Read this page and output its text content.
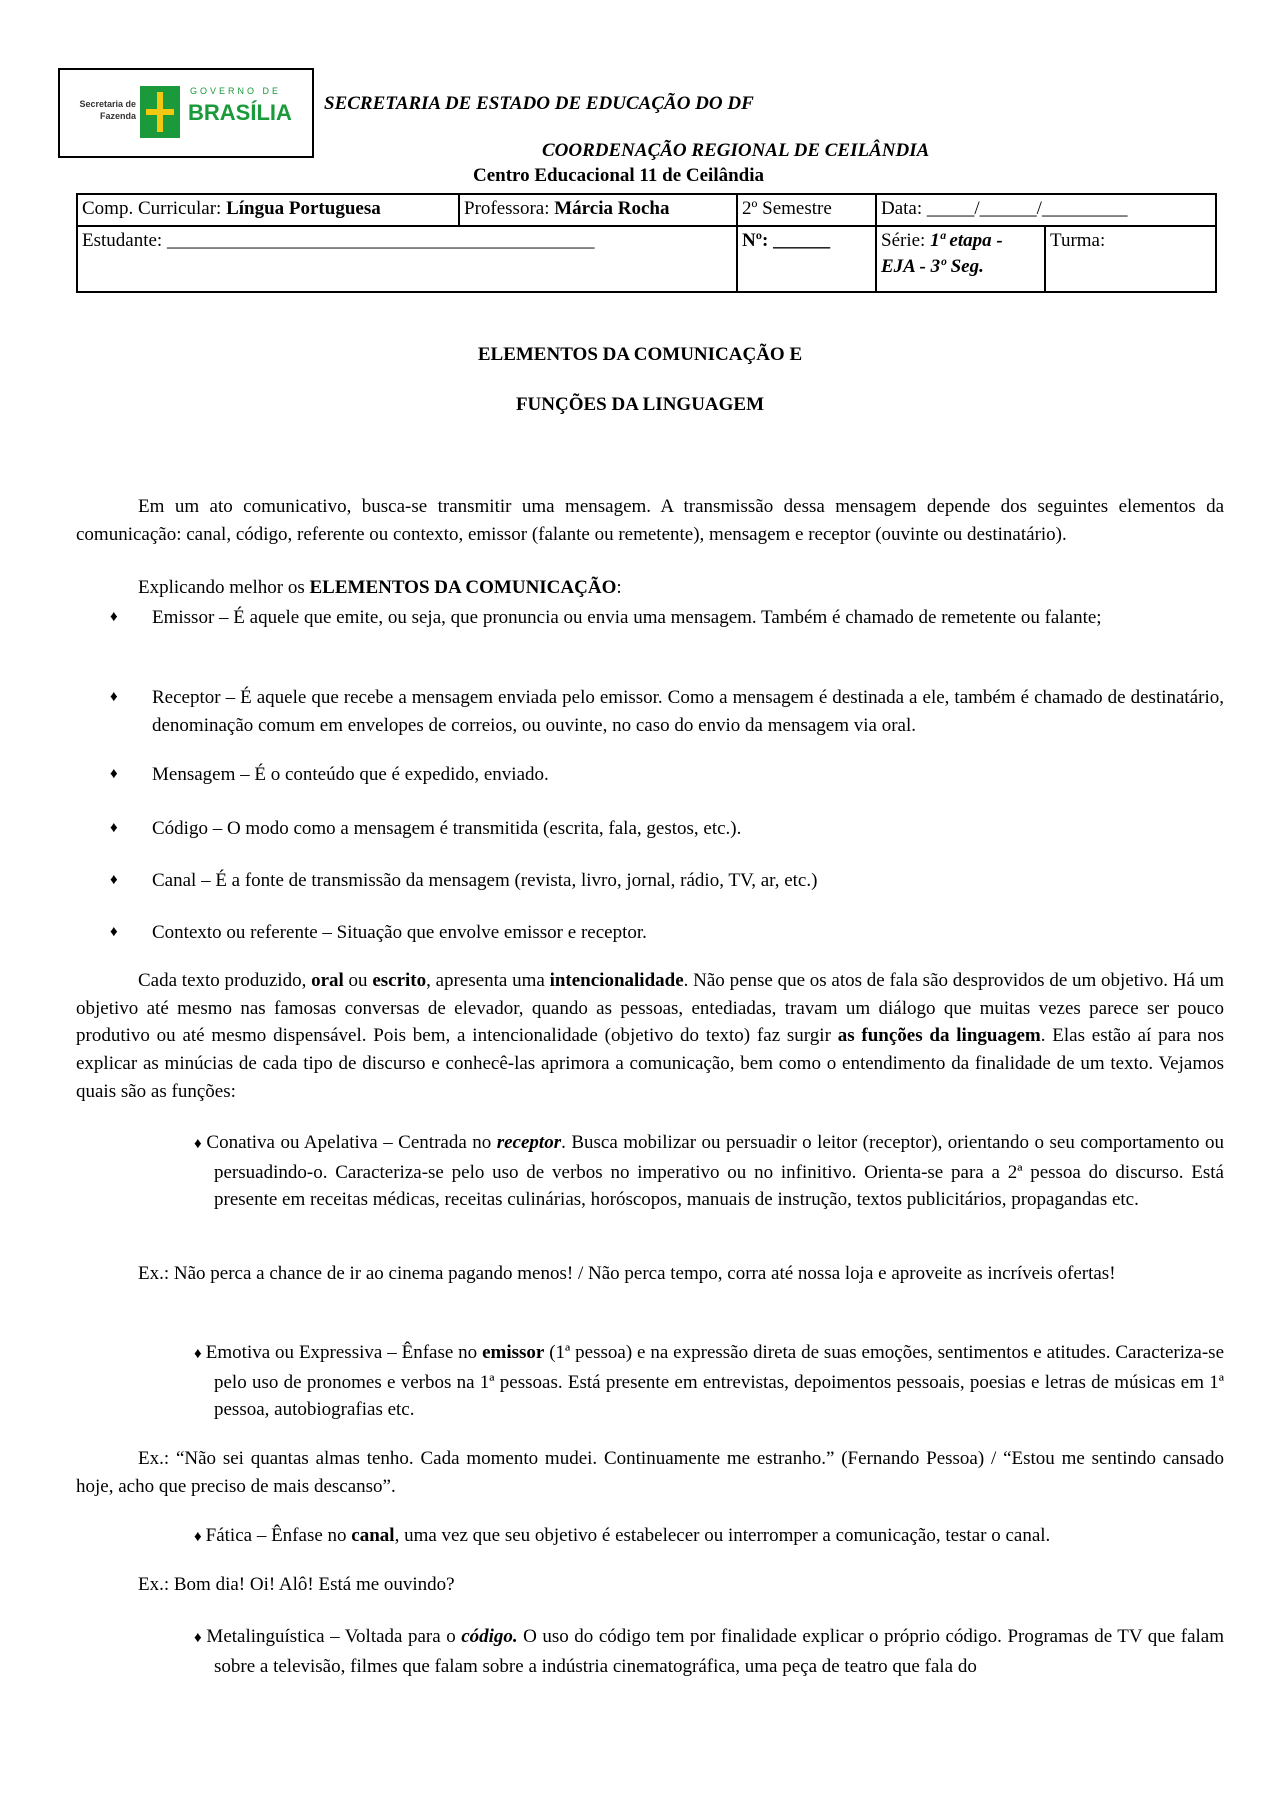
Secretaria de Fazenda
GOVERNO DE
BRASÍLIA SECRETARIA DE ESTADO DE EDUCAÇÃO DO DF
COORDENAÇÃO REGIONAL DE CEILÂNDIA
Centro Educacional 11 de Ceilândia
Comp. Curricular: Língua Portuguesa	Professora: Márcia Rocha	2º Semestre	Data: _____/______/_________	
Estudante: _____________________________________________		Nº: ______	Série: 1ª etapa - EJA - 3º Seg.	Turma:
ELEMENTOS DA COMUNICAÇÃO E
FUNÇÕES DA LINGUAGEM
Em um ato comunicativo, busca-se transmitir uma mensagem. A transmissão dessa mensagem depende dos seguintes elementos da comunicação: canal, código, referente ou contexto, emissor (falante ou remetente), mensagem e receptor (ouvinte ou destinatário).
Explicando melhor os ELEMENTOS DA COMUNICAÇÃO:
♦ Emissor – É aquele que emite, ou seja, que pronuncia ou envia uma mensagem. Também é chamado de remetente ou falante;
♦ Receptor – É aquele que recebe a mensagem enviada pelo emissor. Como a mensagem é destinada a ele, também é chamado de destinatário, denominação comum em envelopes de correios, ou ouvinte, no caso do envio da mensagem via oral.
♦ Mensagem – É o conteúdo que é expedido, enviado.
♦ Código – O modo como a mensagem é transmitida (escrita, fala, gestos, etc.).
♦ Canal – É a fonte de transmissão da mensagem (revista, livro, jornal, rádio, TV, ar, etc.)
♦ Contexto ou referente – Situação que envolve emissor e receptor.
Cada texto produzido, oral ou escrito, apresenta uma intencionalidade. Não pense que os atos de fala são desprovidos de um objetivo. Há um objetivo até mesmo nas famosas conversas de elevador, quando as pessoas, entediadas, travam um diálogo que muitas vezes parece ser pouco produtivo ou até mesmo dispensável. Pois bem, a intencionalidade (objetivo do texto) faz surgir as funções da linguagem. Elas estão aí para nos explicar as minúcias de cada tipo de discurso e conhecê-las aprimora a comunicação, bem como o entendimento da finalidade de um texto. Vejamos quais são as funções:
♦ Conativa ou Apelativa – Centrada no receptor. Busca mobilizar ou persuadir o leitor (receptor), orientando o seu comportamento ou persuadindo-o. Caracteriza-se pelo uso de verbos no imperativo ou no infinitivo. Orienta-se para a 2ª pessoa do discurso. Está presente em receitas médicas, receitas culinárias, horóscopos, manuais de instrução, textos publicitários, propagandas etc.
Ex.: Não perca a chance de ir ao cinema pagando menos! / Não perca tempo, corra até nossa loja e aproveite as incríveis ofertas!
♦ Emotiva ou Expressiva – Ênfase no emissor (1ª pessoa) e na expressão direta de suas emoções, sentimentos e atitudes. Caracteriza-se pelo uso de pronomes e verbos na 1ª pessoas. Está presente em entrevistas, depoimentos pessoais, poesias e letras de músicas em 1ª pessoa, autobiografias etc.
Ex.: “Não sei quantas almas tenho. Cada momento mudei. Continuamente me estranho.” (Fernando Pessoa) / “Estou me sentindo cansado hoje, acho que preciso de mais descanso”.
♦ Fática – Ênfase no canal, uma vez que seu objetivo é estabelecer ou interromper a comunicação, testar o canal.
Ex.: Bom dia! Oi! Alô! Está me ouvindo?
♦ Metalinguística – Voltada para o código. O uso do código tem por finalidade explicar o próprio código. Programas de TV que falam sobre a televisão, filmes que falam sobre a indústria cinematográfica, uma peça de teatro que fala do
